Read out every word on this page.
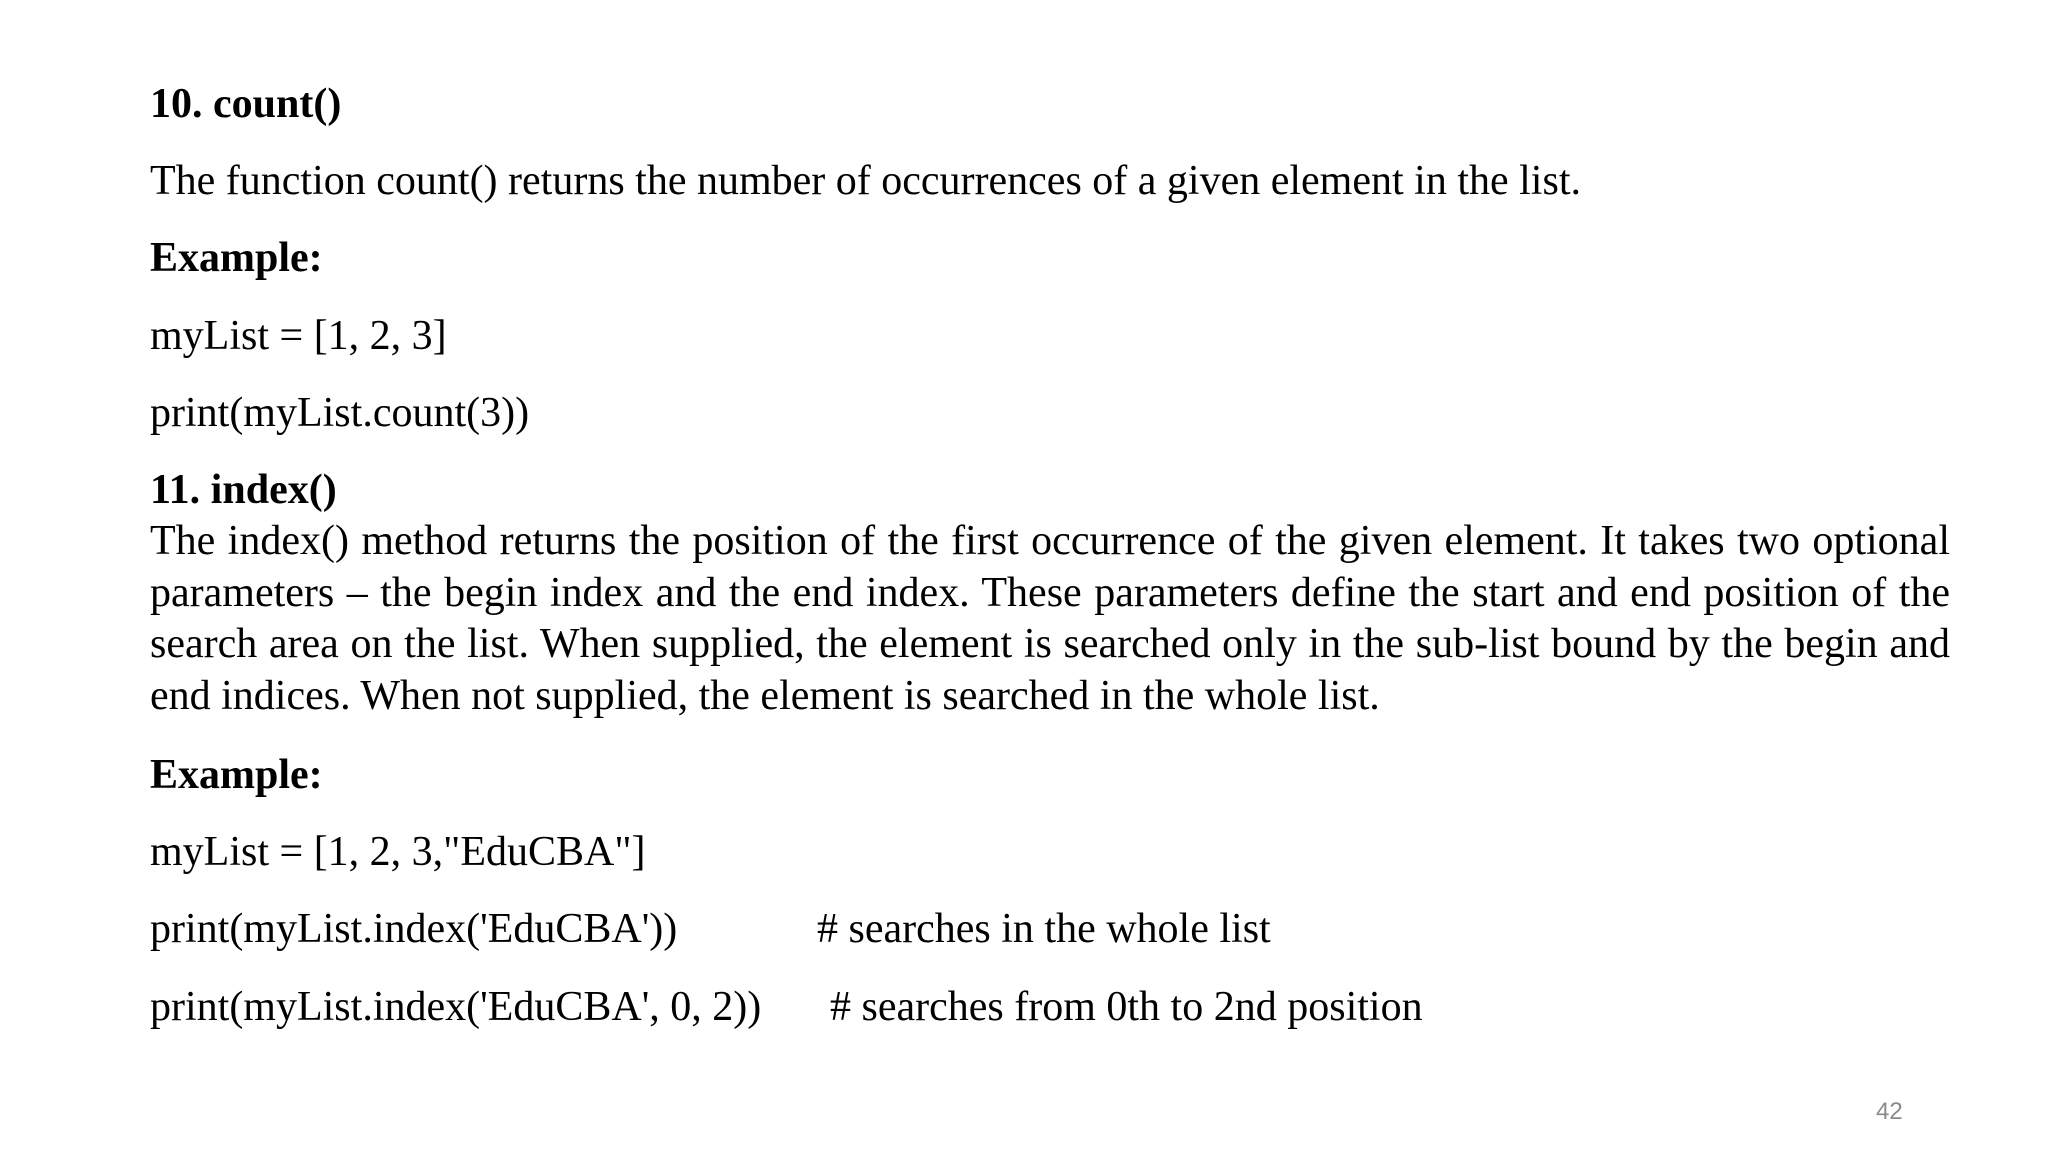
10. count()
The function count() returns the number of occurrences of a given element in the list.
Example:
myList = [1, 2, 3]
print(myList.count(3))
11. index()
The index() method returns the position of the first occurrence of the given element. It takes two optional parameters – the begin index and the end index. These parameters define the start and end position of the search area on the list. When supplied, the element is searched only in the sub-list bound by the begin and end indices. When not supplied, the element is searched in the whole list.
Example:
myList = [1, 2, 3,"EduCBA"]
print(myList.index('EduCBA'))	# searches in the whole list
print(myList.index('EduCBA', 0, 2)) # searches from 0th to 2nd position
42
